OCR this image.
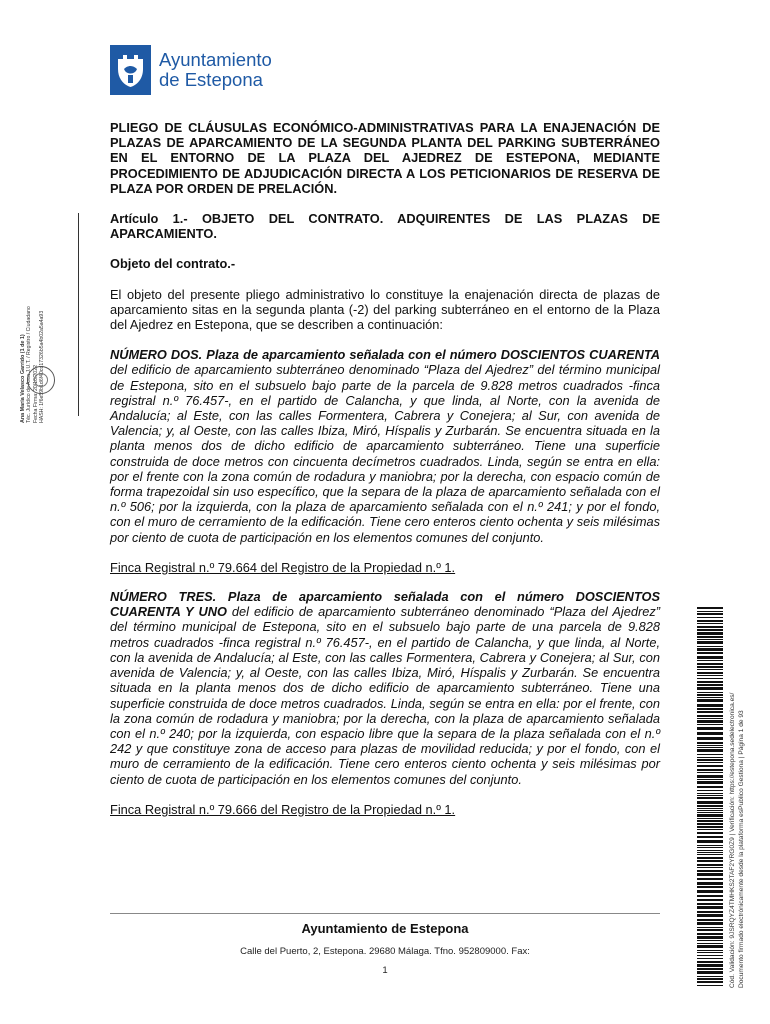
Ayuntamiento
de Estepona
Ana María Velasco Garrido (1 de 1) Téc. Jurídico de Area J.U.T. / Registro / Ciudadano Fecha Firma: 20/10/2022 HASH: 1f6e59b1d6f40cd17326b5a4b02a5a4a93

PLIEGO DE CLÁUSULAS ECONÓMICO-ADMINISTRATIVAS PARA LA ENAJENACIÓN DE PLAZAS DE APARCAMIENTO DE LA SEGUNDA PLANTA DEL PARKING SUBTERRÁNEO EN EL ENTORNO DE LA PLAZA DEL AJEDREZ DE ESTEPONA, MEDIANTE PROCEDIMIENTO DE ADJUDICACIÓN DIRECTA A LOS PETICIONARIOS DE RESERVA DE PLAZA POR ORDEN DE PRELACIÓN.

Artículo 1.- OBJETO DEL CONTRATO. ADQUIRENTES DE LAS PLAZAS DE APARCAMIENTO.

Objeto del contrato.-

El objeto del presente pliego administrativo lo constituye la enajenación directa de plazas de aparcamiento sitas en la segunda planta (-2) del parking subterráneo en el entorno de la Plaza del Ajedrez en Estepona, que se describen a continuación:

NÚMERO DOS. Plaza de aparcamiento señalada con el número DOSCIENTOS CUARENTA del edificio de aparcamiento subterráneo denominado “Plaza del Ajedrez” del término municipal de Estepona, sito en el subsuelo bajo parte de la parcela de 9.828 metros cuadrados -finca registral n.º 76.457-, en el partido de Calancha, y que linda, al Norte, con la avenida de Andalucía; al Este, con las calles Formentera, Cabrera y Conejera; al Sur, con avenida de Valencia; y, al Oeste, con las calles Ibiza, Miró, Híspalis y Zurbarán. Se encuentra situada en la planta menos dos de dicho edificio de aparcamiento subterráneo. Tiene una superficie construida de doce metros con cincuenta decímetros cuadrados. Linda, según se entra en ella: por el frente con la zona común de rodadura y maniobra; por la derecha, con espacio común de forma trapezoidal sin uso específico, que la separa de la plaza de aparcamiento señalada con el n.º 506; por la izquierda, con la plaza de aparcamiento señalada con el n.º 241; y por el fondo, con el muro de cerramiento de la edificación. Tiene cero enteros ciento ochenta y seis milésimas por ciento de cuota de participación en los elementos comunes del conjunto.

Finca Registral n.º 79.664 del Registro de la Propiedad n.º 1.

NÚMERO TRES. Plaza de aparcamiento señalada con el número DOSCIENTOS CUARENTA Y UNO del edificio de aparcamiento subterráneo denominado “Plaza del Ajedrez” del término municipal de Estepona, sito en el subsuelo bajo parte de una parcela de 9.828 metros cuadrados -finca registral n.º 76.457-, en el partido de Calancha, y que linda, al Norte, con la avenida de Andalucía; al Este, con las calles Formentera, Cabrera y Conejera; al Sur, con avenida de Valencia; y, al Oeste, con las calles Ibiza, Miró, Híspalis y Zurbarán. Se encuentra situada en la planta menos dos de dicho edificio de aparcamiento subterráneo. Tiene una superficie construida de doce metros cuadrados. Linda, según se entra en ella: por el frente, con la zona común de rodadura y maniobra; por la derecha, con la plaza de aparcamiento señalada con el n.º 240; por la izquierda, con espacio libre que la separa de la plaza señalada con el n.º 242 y que constituye zona de acceso para plazas de movilidad reducida; y por el fondo, con el muro de cerramiento de la edificación. Tiene cero enteros ciento ochenta y seis milésimas por ciento de cuota de participación en los elementos comunes del conjunto.

Finca Registral n.º 79.666 del Registro de la Propiedad n.º 1.	Cód. Validación: 9JSRQYZ4TMHKS2TAF2YRG0Z9 | Verificación: https://estepona.sedelectronica.es/ Documento firmado electrónicamente desde la plataforma esPublico Gestiona | Página 1 de 93
Ayuntamiento de Estepona
Calle del Puerto, 2, Estepona. 29680 Málaga. Tfno. 952809000. Fax:
1
